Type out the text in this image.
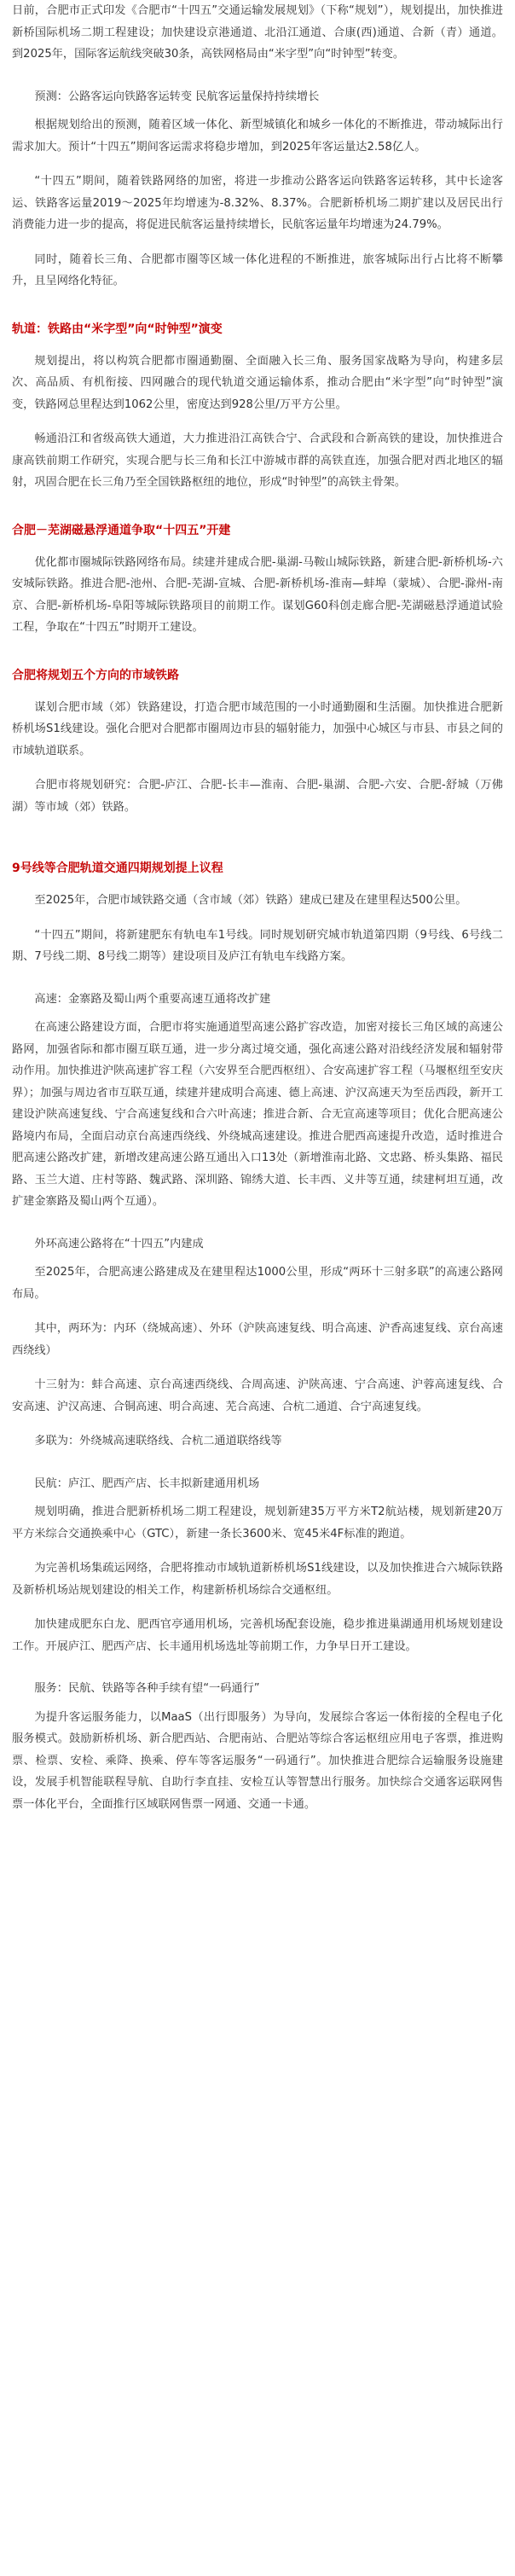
日前，合肥市正式印发《合肥市“十四五”交通运输发展规划》（下称“规划”），规划提出，加快推进新桥国际机场二期工程建设；加快建设京港通道、北沿江通道、合康(西)通道、合新（青）通道。到2025年，国际客运航线突破30条，高铁网格局由“米字型”向“时钟型”转变。

预测：公路客运向铁路客运转变 民航客运量保持持续增长

根据规划给出的预测，随着区域一体化、新型城镇化和城乡一体化的不断推进，带动城际出行需求加大。预计“十四五”期间客运需求将稳步增加，到2025年客运量达2.58亿人。

“十四五”期间，随着铁路网络的加密，将进一步推动公路客运向铁路客运转移，其中长途客运、铁路客运量2019～2025年均增速为-8.32%、8.37%。合肥新桥机场二期扩建以及居民出行消费能力进一步的提高，将促进民航客运量持续增长，民航客运量年均增速为24.79%。

同时，随着长三角、合肥都市圈等区域一体化进程的不断推进，旅客城际出行占比将不断攀升，且呈网络化特征。

轨道：铁路由“米字型”向“时钟型”演变

规划提出，将以构筑合肥都市圈通勤圈、全面融入长三角、服务国家战略为导向，构建多层次、高品质、有机衔接、四网融合的现代轨道交通运输体系，推动合肥由“米字型”向“时钟型”演变，铁路网总里程达到1062公里，密度达到928公里/万平方公里。

畅通沿江和省级高铁大通道，大力推进沿江高铁合宁、合武段和合新高铁的建设，加快推进合康高铁前期工作研究，实现合肥与长三角和长江中游城市群的高铁直连，加强合肥对西北地区的辐射，巩固合肥在长三角乃至全国铁路枢纽的地位，形成“时钟型”的高铁主骨架。

合肥－芜湖磁悬浮通道争取“十四五”开建

优化都市圈城际铁路网络布局。续建并建成合肥-巢湖-马鞍山城际铁路，新建合肥-新桥机场-六安城际铁路。推进合肥-池州、合肥-芜湖-宣城、合肥-新桥机场-淮南—蚌埠（蒙城）、合肥-滁州-南京、合肥-新桥机场-阜阳等城际铁路项目的前期工作。谋划G60科创走廊合肥-芜湖磁悬浮通道试验工程，争取在“十四五”时期开工建设。

合肥将规划五个方向的市域铁路

谋划合肥市域（郊）铁路建设，打造合肥市域范围的一小时通勤圈和生活圈。加快推进合肥新桥机场S1线建设。强化合肥对合肥都市圈周边市县的辐射能力，加强中心城区与市县、市县之间的市域轨道联系。

合肥市将规划研究：合肥-庐江、合肥-长丰—淮南、合肥-巢湖、合肥-六安、合肥-舒城（万佛湖）等市域（郊）铁路。

9号线等合肥轨道交通四期规划提上议程

至2025年，合肥市域铁路交通（含市域（郊）铁路）建成已建及在建里程达500公里。

“十四五”期间，将新建肥东有轨电车1号线。同时规划研究城市轨道第四期（9号线、6号线二期、7号线二期、8号线二期等）建设项目及庐江有轨电车线路方案。

高速：金寨路及蜀山两个重要高速互通将改扩建

在高速公路建设方面，合肥市将实施通道型高速公路扩容改造，加密对接长三角区域的高速公路网，加强省际和都市圈互联互通，进一步分离过境交通，强化高速公路对沿线经济发展和辐射带动作用。加快推进沪陕高速扩容工程（六安界至合肥西枢纽）、合安高速扩容工程（马堰枢纽至安庆界）；加强与周边省市互联互通，续建并建成明合高速、德上高速、沪汉高速天为至岳西段，新开工建设沪陕高速复线、宁合高速复线和合六叶高速；推进合新、合无宣高速等项目；优化合肥高速公路境内布局，全面启动京台高速西绕线、外绕城高速建设。推进合肥西高速提升改造，适时推进合肥高速公路改扩建，新增改建高速公路互通出入口13处（新增淮南北路、文忠路、桥头集路、福民路、玉兰大道、庄村等路、魏武路、深圳路、锦绣大道、长丰西、义井等互通，续建柯坦互通，改扩建金寨路及蜀山两个互通）。

外环高速公路将在“十四五”内建成

至2025年，合肥高速公路建成及在建里程达1000公里，形成“两环十三射多联”的高速公路网布局。

其中，两环为：内环（绕城高速）、外环（沪陕高速复线、明合高速、沪香高速复线、京台高速西绕线）

十三射为：蚌合高速、京台高速西绕线、合周高速、沪陕高速、宁合高速、沪蓉高速复线、合安高速、沪汉高速、合铜高速、明合高速、芜合高速、合杭二通道、合宁高速复线。

多联为：外绕城高速联络线、合杭二通道联络线等

民航：庐江、肥西产店、长丰拟新建通用机场

规划明确，推进合肥新桥机场二期工程建设，规划新建35万平方米T2航站楼，规划新建20万平方米综合交通换乘中心（GTC），新建一条长3600米、宽45米4F标准的跑道。

为完善机场集疏运网络，合肥将推动市域轨道新桥机场S1线建设，以及加快推进合六城际铁路及新桥机场站规划建设的相关工作，构建新桥机场综合交通枢纽。

加快建成肥东白龙、肥西官亭通用机场，完善机场配套设施，稳步推进巢湖通用机场规划建设工作。开展庐江、肥西产店、长丰通用机场选址等前期工作，力争早日开工建设。

服务：民航、铁路等各种手续有望“一码通行”

为提升客运服务能力，以MaaS（出行即服务）为导向，发展综合客运一体衔接的全程电子化服务模式。鼓励新桥机场、新合肥西站、合肥南站、合肥站等综合客运枢纽应用电子客票，推进购票、检票、安检、乘降、换乘、停车等客运服务“一码通行”。加快推进合肥综合运输服务设施建设，发展手机智能联程导航、自助行李直挂、安检互认等智慧出行服务。加快综合交通客运联网售票一体化平台，全面推行区域联网售票一网通、交通一卡通。
